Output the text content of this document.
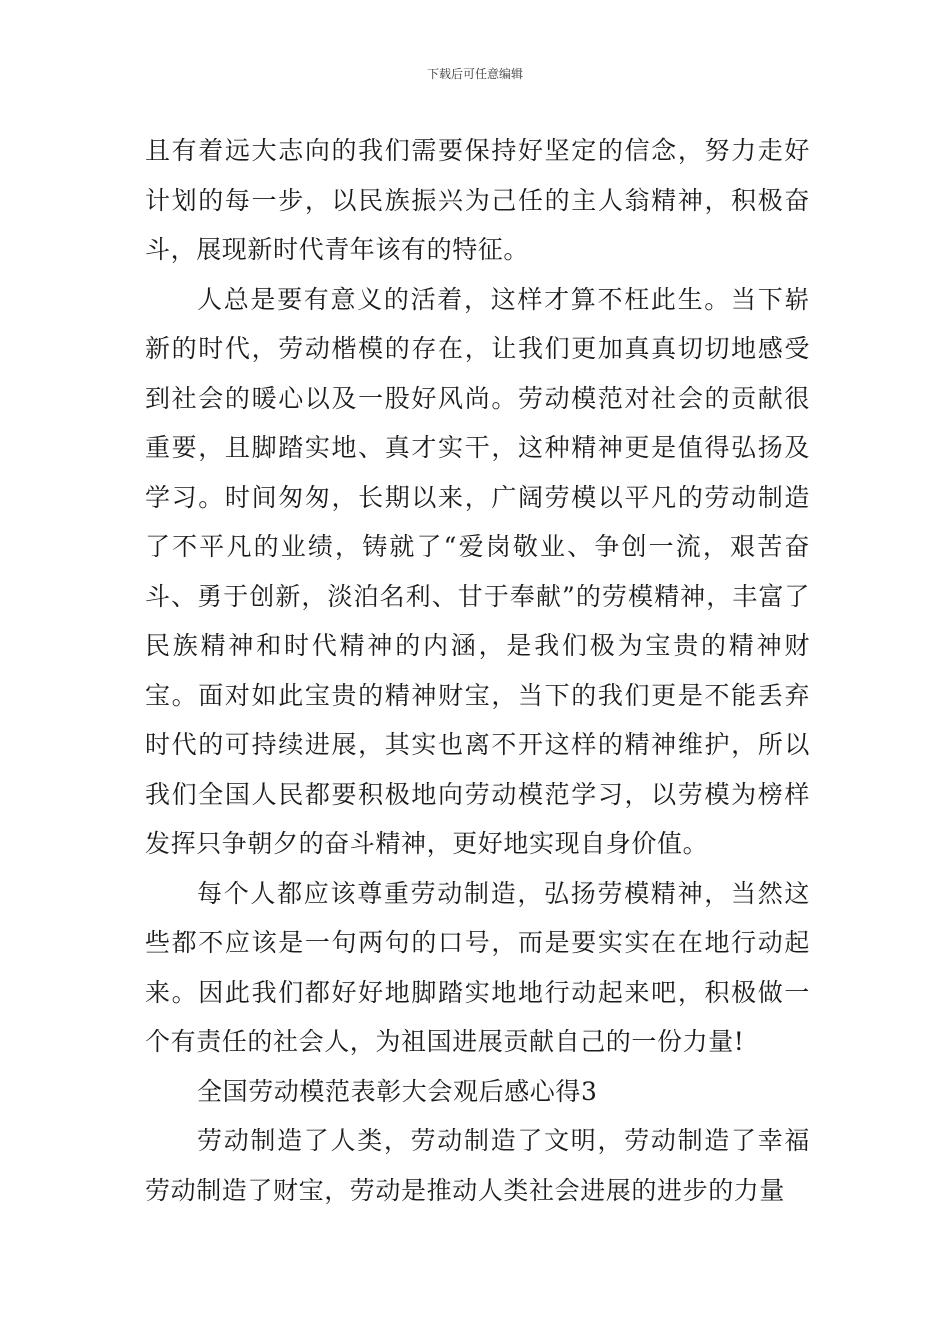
下载后可任意编辑

且有着远大志向的我们需要保持好坚定的信念，努力走好计划的每一步，以民族振兴为己任的主人翁精神，积极奋斗，展现新时代青年该有的特征。

人总是要有意义的活着，这样才算不枉此生。当下崭新的时代，劳动楷模的存在，让我们更加真真切切地感受到社会的暖心以及一股好风尚。劳动模范对社会的贡献很重要，且脚踏实地、真才实干，这种精神更是值得弘扬及学习。时间匆匆，长期以来，广阔劳模以平凡的劳动制造了不平凡的业绩，铸就了“爱岗敬业、争创一流，艰苦奋斗、勇于创新，淡泊名利、甘于奉献”的劳模精神，丰富了民族精神和时代精神的内涵，是我们极为宝贵的精神财宝。面对如此宝贵的精神财宝，当下的我们更是不能丢弃时代的可持续进展，其实也离不开这样的精神维护，所以我们全国人民都要积极地向劳动模范学习，以劳模为榜样发挥只争朝夕的奋斗精神，更好地实现自身价值。

每个人都应该尊重劳动制造，弘扬劳模精神，当然这些都不应该是一句两句的口号，而是要实实在在地行动起来。因此我们都好好地脚踏实地地行动起来吧，积极做一个有责任的社会人，为祖国进展贡献自己的一份力量!

全国劳动模范表彰大会观后感心得3

劳动制造了人类，劳动制造了文明，劳动制造了幸福劳动制造了财宝，劳动是推动人类社会进展的进步的力量
